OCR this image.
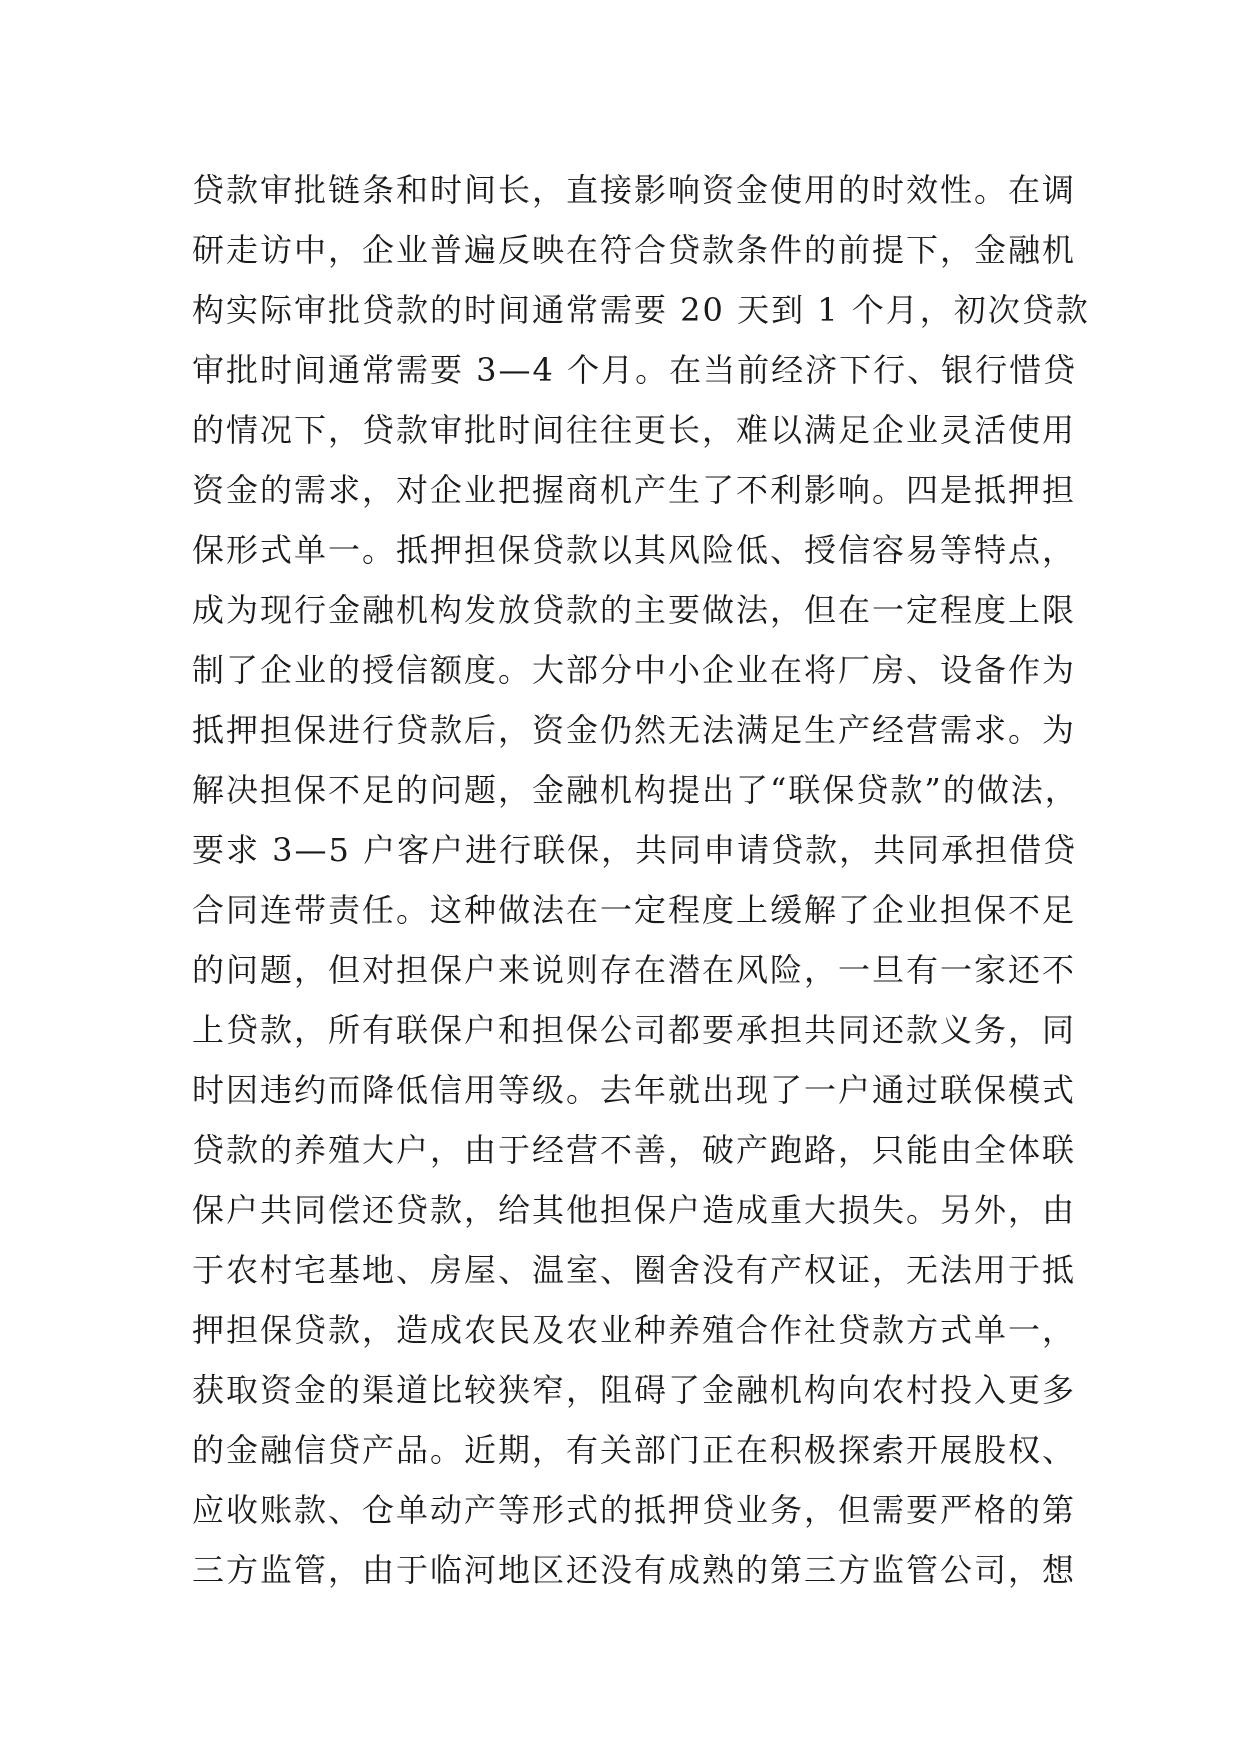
贷款审批链条和时间长，直接影响资金使用的时效性。在调
研走访中，企业普遍反映在符合贷款条件的前提下，金融机
构实际审批贷款的时间通常需要 20 天到 1 个月，初次贷款
审批时间通常需要 3—4 个月。在当前经济下行、银行惜贷
的情况下，贷款审批时间往往更长，难以满足企业灵活使用
资金的需求，对企业把握商机产生了不利影响。四是抵押担
保形式单一。抵押担保贷款以其风险低、授信容易等特点，
成为现行金融机构发放贷款的主要做法，但在一定程度上限
制了企业的授信额度。大部分中小企业在将厂房、设备作为
抵押担保进行贷款后，资金仍然无法满足生产经营需求。为
解决担保不足的问题，金融机构提出了“联保贷款”的做法，
要求 3—5 户客户进行联保，共同申请贷款，共同承担借贷
合同连带责任。这种做法在一定程度上缓解了企业担保不足
的问题，但对担保户来说则存在潜在风险，一旦有一家还不
上贷款，所有联保户和担保公司都要承担共同还款义务，同
时因违约而降低信用等级。去年就出现了一户通过联保模式
贷款的养殖大户，由于经营不善，破产跑路，只能由全体联
保户共同偿还贷款，给其他担保户造成重大损失。另外，由
于农村宅基地、房屋、温室、圈舍没有产权证，无法用于抵
押担保贷款，造成农民及农业种养殖合作社贷款方式单一，
获取资金的渠道比较狭窄，阻碍了金融机构向农村投入更多
的金融信贷产品。近期，有关部门正在积极探索开展股权、
应收账款、仓单动产等形式的抵押贷业务，但需要严格的第
三方监管，由于临河地区还没有成熟的第三方监管公司，想
